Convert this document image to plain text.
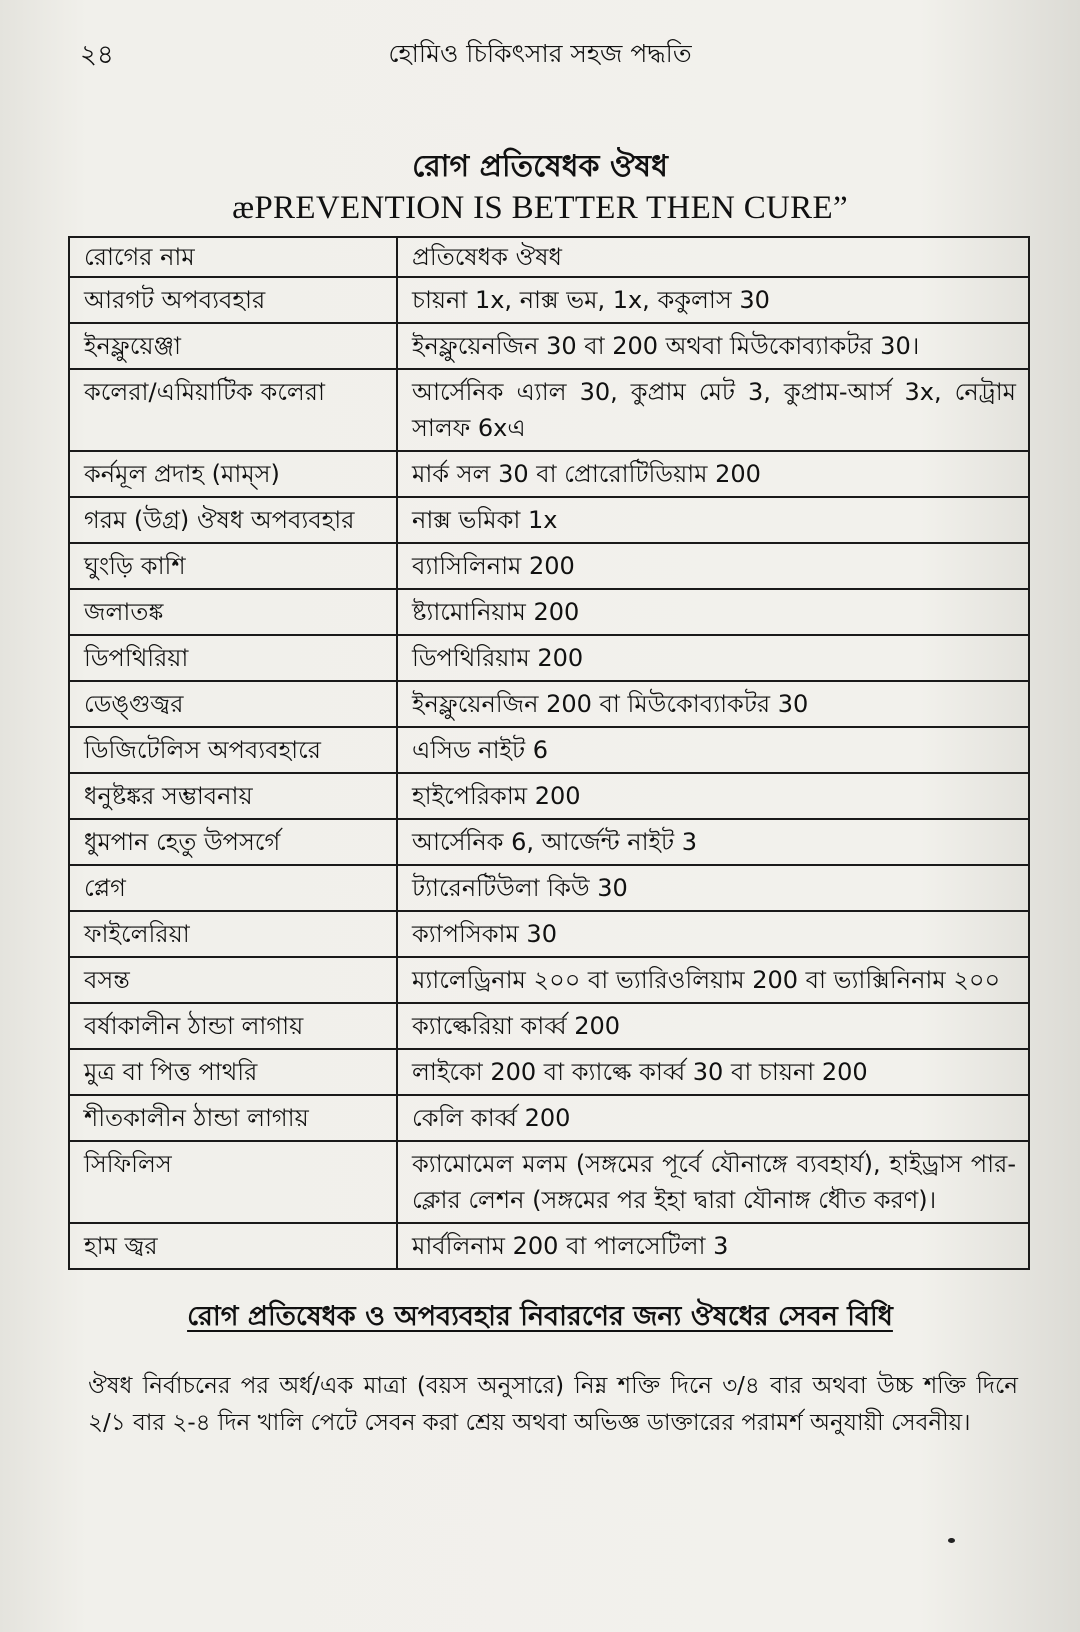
২৪	হোমিও চিকিৎসার সহজ পদ্ধতি
রোগ প্রতিষেধক ঔষধ
æPREVENTION IS BETTER THEN CURE”
রোগের নাম	প্রতিষেধক ঔষধ
আরগট অপব্যবহার	চায়না 1x, নাক্স ভম, 1x, ককুলাস 30
ইনফ্লুয়েঞ্জা	ইনফ্লুয়েনজিন 30 বা 200 অথবা মিউকোব্যাকটর 30।
কলেরা/এমিয়াটিক কলেরা	আর্সেনিক এ্যাল 30, কুপ্রাম মেট 3, কুপ্রাম-আর্স 3x, নেট্রাম সালফ 6xএ
কর্নমূল প্রদাহ (মাম্‌স)	মার্ক সল 30 বা প্রোরোটিডিয়াম 200
গরম (উগ্র) ঔষধ অপব্যবহার	নাক্স ভমিকা 1x
ঘুংড়ি কাশি	ব্যাসিলিনাম 200
জলাতঙ্ক	ষ্ট্যামোনিয়াম 200
ডিপথিরিয়া	ডিপথিরিয়াম 200
ডেঙ্গুজ্বর	ইনফ্লুয়েনজিন 200 বা মিউকোব্যাকটর 30
ডিজিটেলিস অপব্যবহারে	এসিড নাইট 6
ধনুষ্টঙ্কর সম্ভাবনায়	হাইপেরিকাম 200
ধুমপান হেতু উপসর্গে	আর্সেনিক 6, আর্জেন্ট নাইট 3
প্লেগ	ট্যারেনটিউলা কিউ 30
ফাইলেরিয়া	ক্যাপসিকাম 30
বসন্ত	ম্যালেড্রিনাম ২০০ বা ভ্যারিওলিয়াম 200 বা ভ্যাক্সিনিনাম ২০০
বর্ষাকালীন ঠান্ডা লাগায়	ক্যাল্কেরিয়া কার্ব্ব 200
মুত্র বা পিত্ত পাথরি	লাইকো 200 বা ক্যাল্কে কার্ব্ব 30 বা চায়না 200
শীতকালীন ঠান্ডা লাগায়	কেলি কার্ব্ব 200
সিফিলিস	ক্যামোমেল মলম (সঙ্গমের পূর্বে যৌনাঙ্গে ব্যবহার্য), হাইড্রাস পার-ক্লোর লেশন (সঙ্গমের পর ইহা দ্বারা যৌনাঙ্গ ধৌত করণ)।
হাম জ্বর	মার্বলিনাম 200 বা পালসেটিলা 3
রোগ প্রতিষেধক ও অপব্যবহার নিবারণের জন্য ঔষধের সেবন বিধি
ঔষধ নির্বাচনের পর অর্ধ/এক মাত্রা (বয়স অনুসারে) নিম্ন শক্তি দিনে ৩/৪ বার অথবা উচ্চ শক্তি দিনে ২/১ বার ২-৪ দিন খালি পেটে সেবন করা শ্রেয় অথবা অভিজ্ঞ ডাক্তারের পরামর্শ অনুযায়ী সেবনীয়।
